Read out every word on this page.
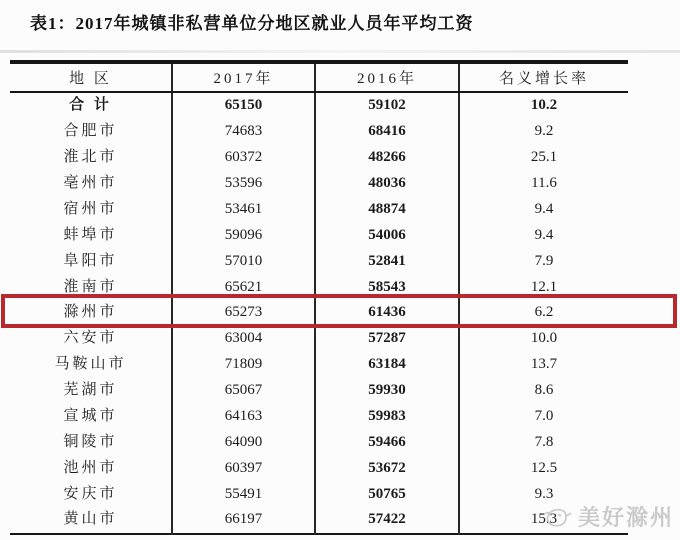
表1：2017年城镇非私营单位分地区就业人员年平均工资
地 区	2017年	2016年	名义增长率
合 计	65150	59102	10.2
合肥市	74683	68416	9.2
淮北市	60372	48266	25.1
亳州市	53596	48036	11.6
宿州市	53461	48874	9.4
蚌埠市	59096	54006	9.4
阜阳市	57010	52841	7.9
淮南市	65621	58543	12.1
滁州市	65273	61436	6.2
六安市	63004	57287	10.0
马鞍山市	71809	63184	13.7
芜湖市	65067	59930	8.6
宣城市	64163	59983	7.0
铜陵市	64090	59466	7.8
池州市	60397	53672	12.5
安庆市	55491	50765	9.3
黄山市	66197	57422	15.3 美好滁州
